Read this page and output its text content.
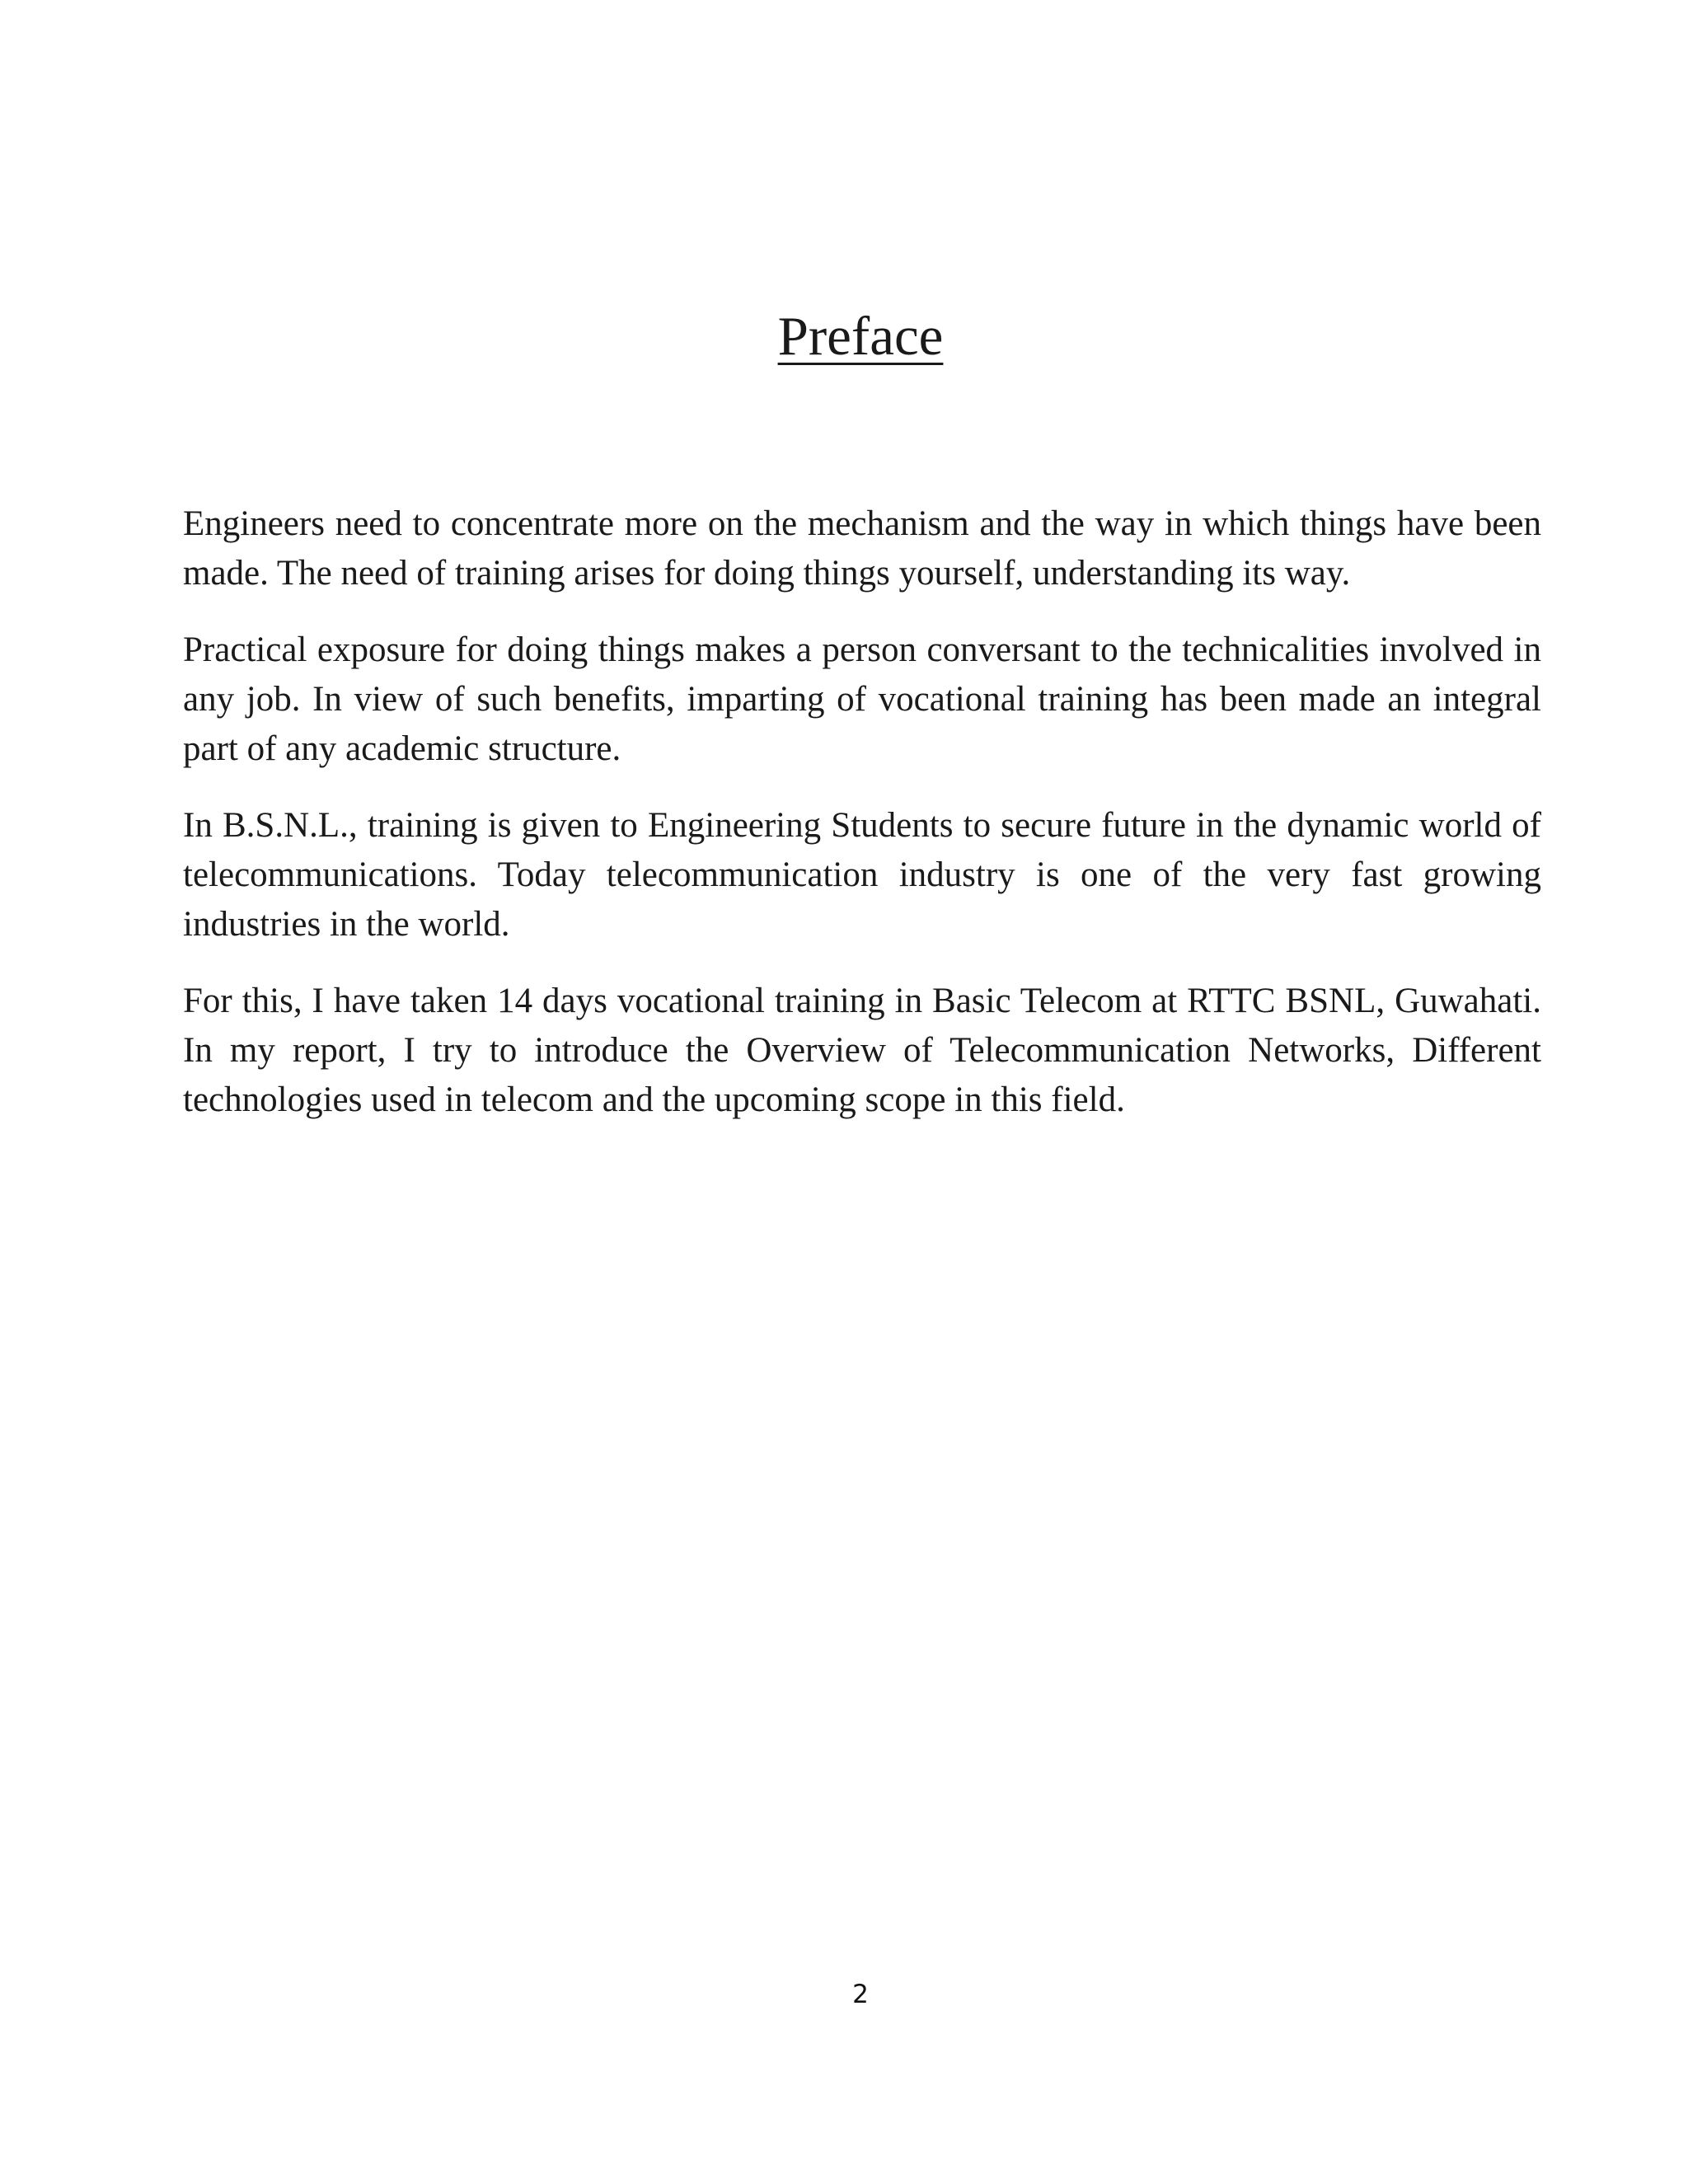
Preface

Engineers need to concentrate more on the mechanism and the way in which things have been made. The need of training arises for doing things yourself, understanding its way.

Practical exposure for doing things makes a person conversant to the technicalities involved in any job. In view of such benefits, imparting of vocational training has been made an integral part of any academic structure.

In B.S.N.L., training is given to Engineering Students to secure future in the dynamic world of telecommunications. Today telecommunication industry is one of the very fast growing industries in the world.

For this, I have taken 14 days vocational training in Basic Telecom at RTTC BSNL, Guwahati. In my report, I try to introduce the Overview of Telecommunication Networks, Different technologies used in telecom and the upcoming scope in this field.

2
